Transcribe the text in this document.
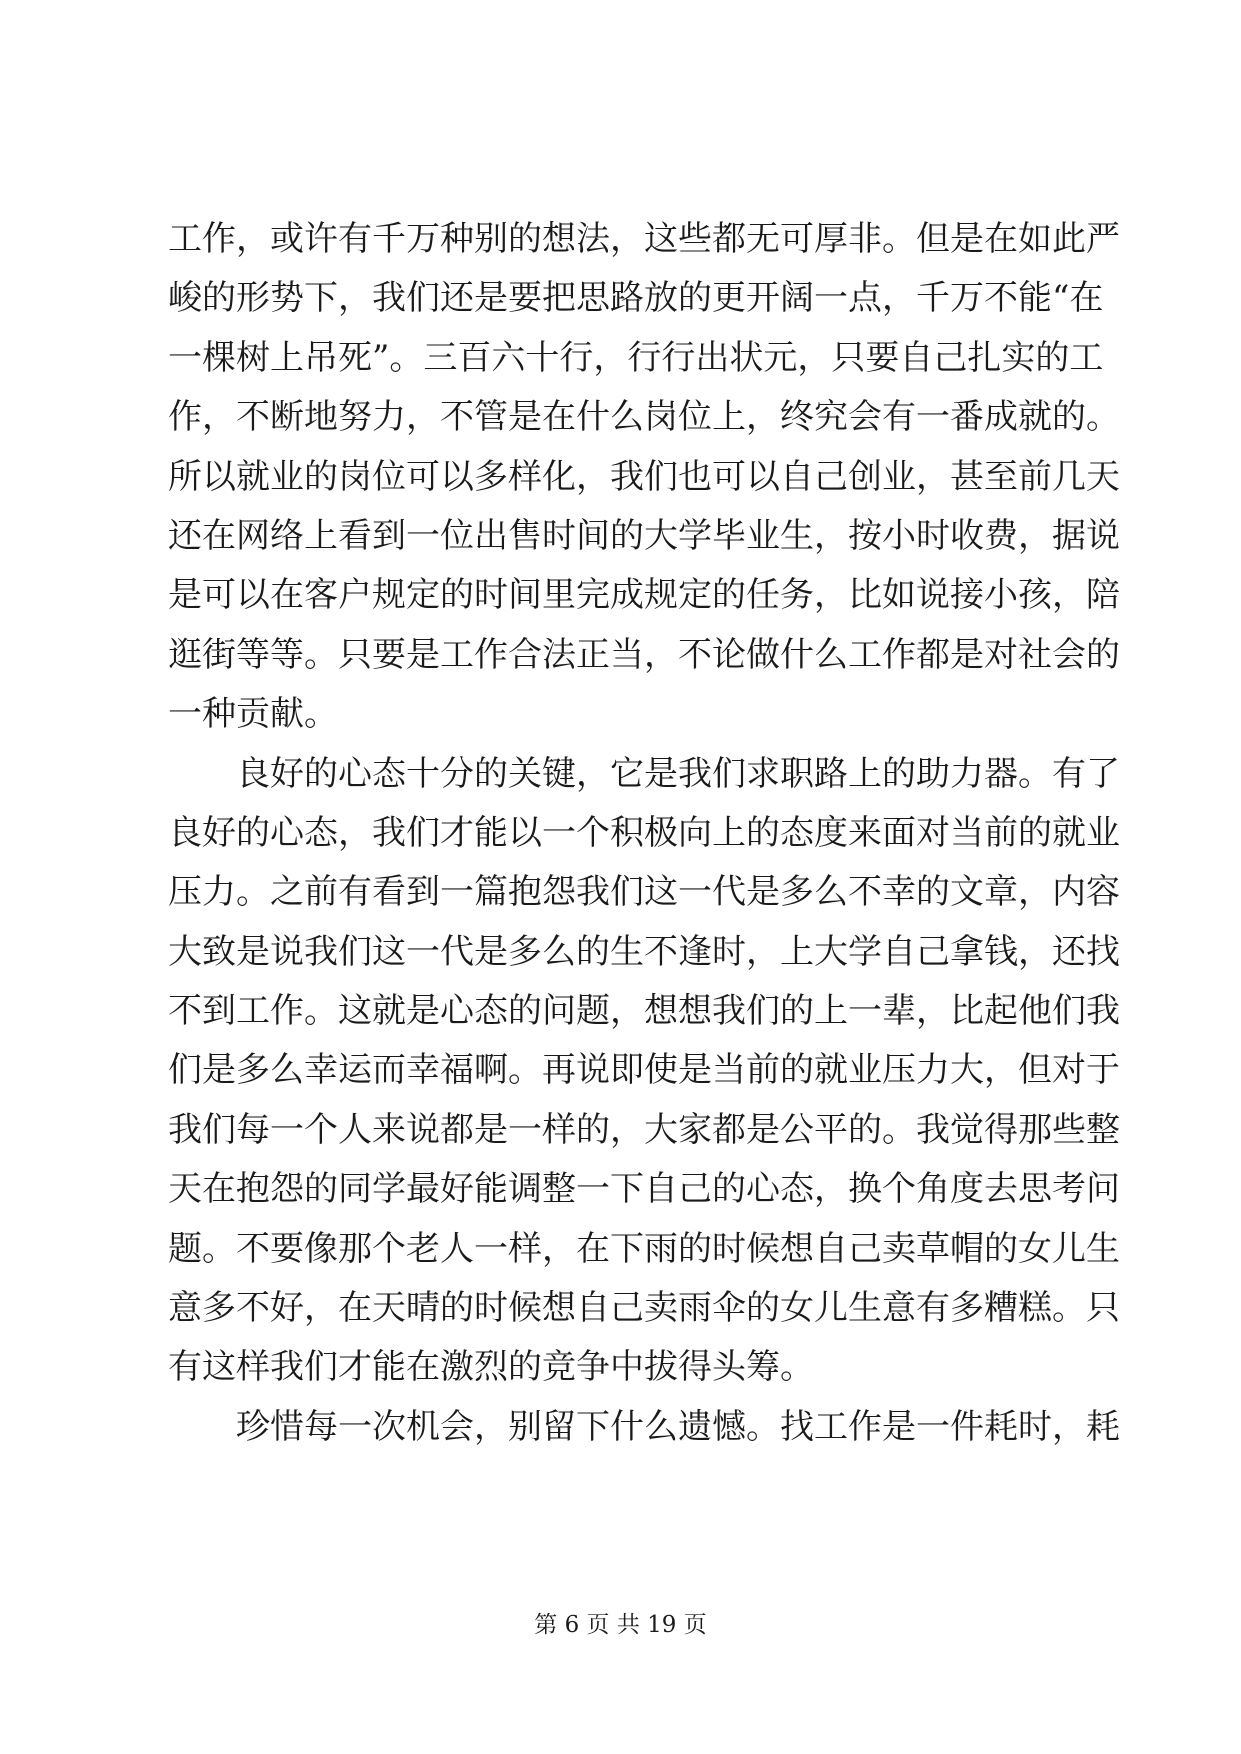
工作，或许有千万种别的想法，这些都无可厚非。但是在如此严
峻的形势下，我们还是要把思路放的更开阔一点，千万不能“在
一棵树上吊死”。三百六十行，行行出状元，只要自己扎实的工
作，不断地努力，不管是在什么岗位上，终究会有一番成就的。
所以就业的岗位可以多样化，我们也可以自己创业，甚至前几天
还在网络上看到一位出售时间的大学毕业生，按小时收费，据说
是可以在客户规定的时间里完成规定的任务，比如说接小孩，陪
逛街等等。只要是工作合法正当，不论做什么工作都是对社会的
一种贡献。
良好的心态十分的关键，它是我们求职路上的助力器。有了
良好的心态，我们才能以一个积极向上的态度来面对当前的就业
压力。之前有看到一篇抱怨我们这一代是多么不幸的文章，内容
大致是说我们这一代是多么的生不逢时，上大学自己拿钱，还找
不到工作。这就是心态的问题，想想我们的上一辈，比起他们我
们是多么幸运而幸福啊。再说即使是当前的就业压力大，但对于
我们每一个人来说都是一样的，大家都是公平的。我觉得那些整
天在抱怨的同学最好能调整一下自己的心态，换个角度去思考问
题。不要像那个老人一样，在下雨的时候想自己卖草帽的女儿生
意多不好，在天晴的时候想自己卖雨伞的女儿生意有多糟糕。只
有这样我们才能在激烈的竞争中拔得头筹。
珍惜每一次机会，别留下什么遗憾。找工作是一件耗时，耗
第 6 页 共 19 页
